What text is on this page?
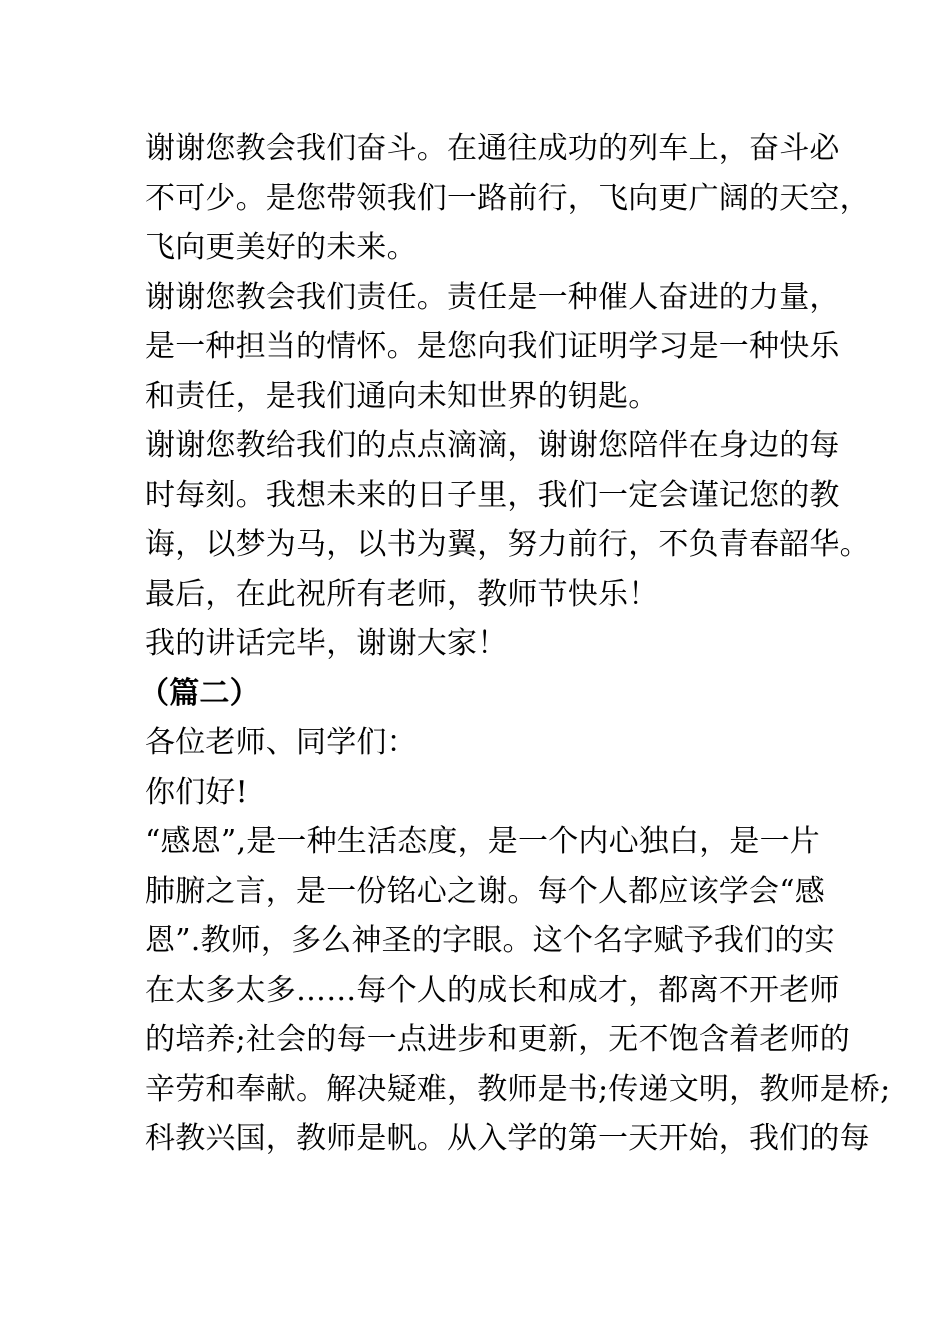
谢谢您教会我们奋斗。在通往成功的列车上，奋斗必
不可少。是您带领我们一路前行，飞向更广阔的天空，
飞向更美好的未来。
谢谢您教会我们责任。责任是一种催人奋进的力量，
是一种担当的情怀。是您向我们证明学习是一种快乐
和责任，是我们通向未知世界的钥匙。
谢谢您教给我们的点点滴滴，谢谢您陪伴在身边的每
时每刻。我想未来的日子里，我们一定会谨记您的教
诲，以梦为马，以书为翼，努力前行，不负青春韶华。
最后，在此祝所有老师，教师节快乐！
我的讲话完毕，谢谢大家！
（篇二）
各位老师、同学们：
你们好!
“感恩”,是一种生活态度，是一个内心独白，是一片
肺腑之言，是一份铭心之谢。每个人都应该学会“感
恩”.教师，多么神圣的字眼。这个名字赋予我们的实
在太多太多……每个人的成长和成才，都离不开老师
的培养;社会的每一点进步和更新，无不饱含着老师的
辛劳和奉献。解决疑难，教师是书;传递文明，教师是桥;
科教兴国，教师是帆。从入学的第一天开始，我们的每
